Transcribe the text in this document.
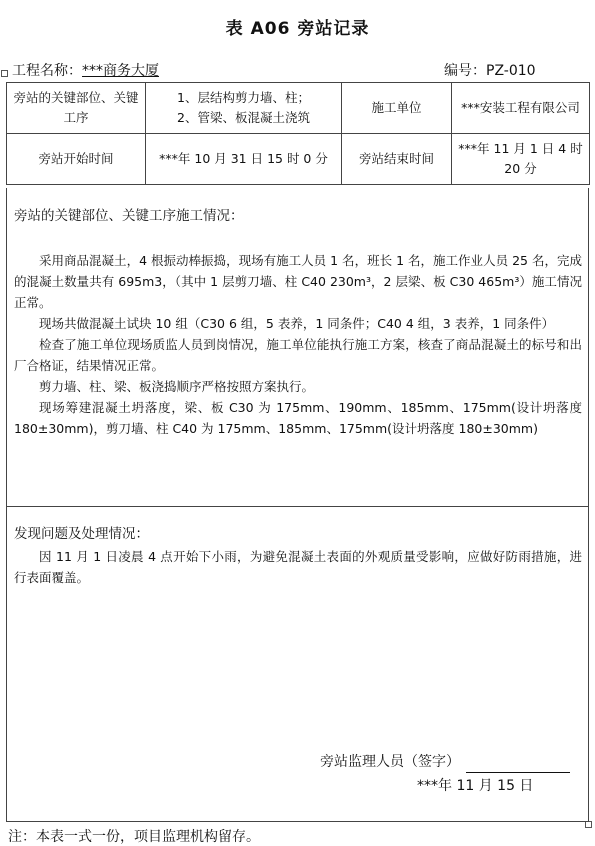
表 A06 旁站记录
工程名称：***商务大厦	编号：PZ-010
旁站的关键部位、关键工序	1、层结构剪力墙、柱；
2、管梁、板混凝土浇筑	施工单位	***安装工程有限公司
旁站开始时间	***年 10 月 31 日 15 时 0 分	旁站结束时间	***年 11 月 1 日 4 时 20 分
旁站的关键部位、关键工序施工情况：

采用商品混凝土，4 根振动棒振捣，现场有施工人员 1 名，班长 1 名，施工作业人员 25 名，完成的混凝土数量共有 695m3，（其中 1 层剪刀墙、柱 C40 230m³，2 层梁、板 C30 465m³）施工情况正常。

现场共做混凝土试块 10 组（C30 6 组，5 表养，1 同条件；C40 4 组，3 表养，1 同条件）

检查了施工单位现场质监人员到岗情况，施工单位能执行施工方案，核查了商品混凝土的标号和出厂合格证，结果情况正常。

剪力墙、柱、梁、板浇捣顺序严格按照方案执行。

现场筹建混凝土坍落度，梁、板 C30 为 175mm、190mm、185mm、175mm(设计坍落度 180±30mm)，剪刀墙、柱 C40 为 175mm、185mm、175mm(设计坍落度 180±30mm)

发现问题及处理情况：

因 11 月 1 日凌晨 4 点开始下小雨，为避免混凝土表面的外观质量受影响，应做好防雨措施，进行表面覆盖。

旁站监理人员（签字）
***年 11 月 15 日
注：本表一式一份，项目监理机构留存。
